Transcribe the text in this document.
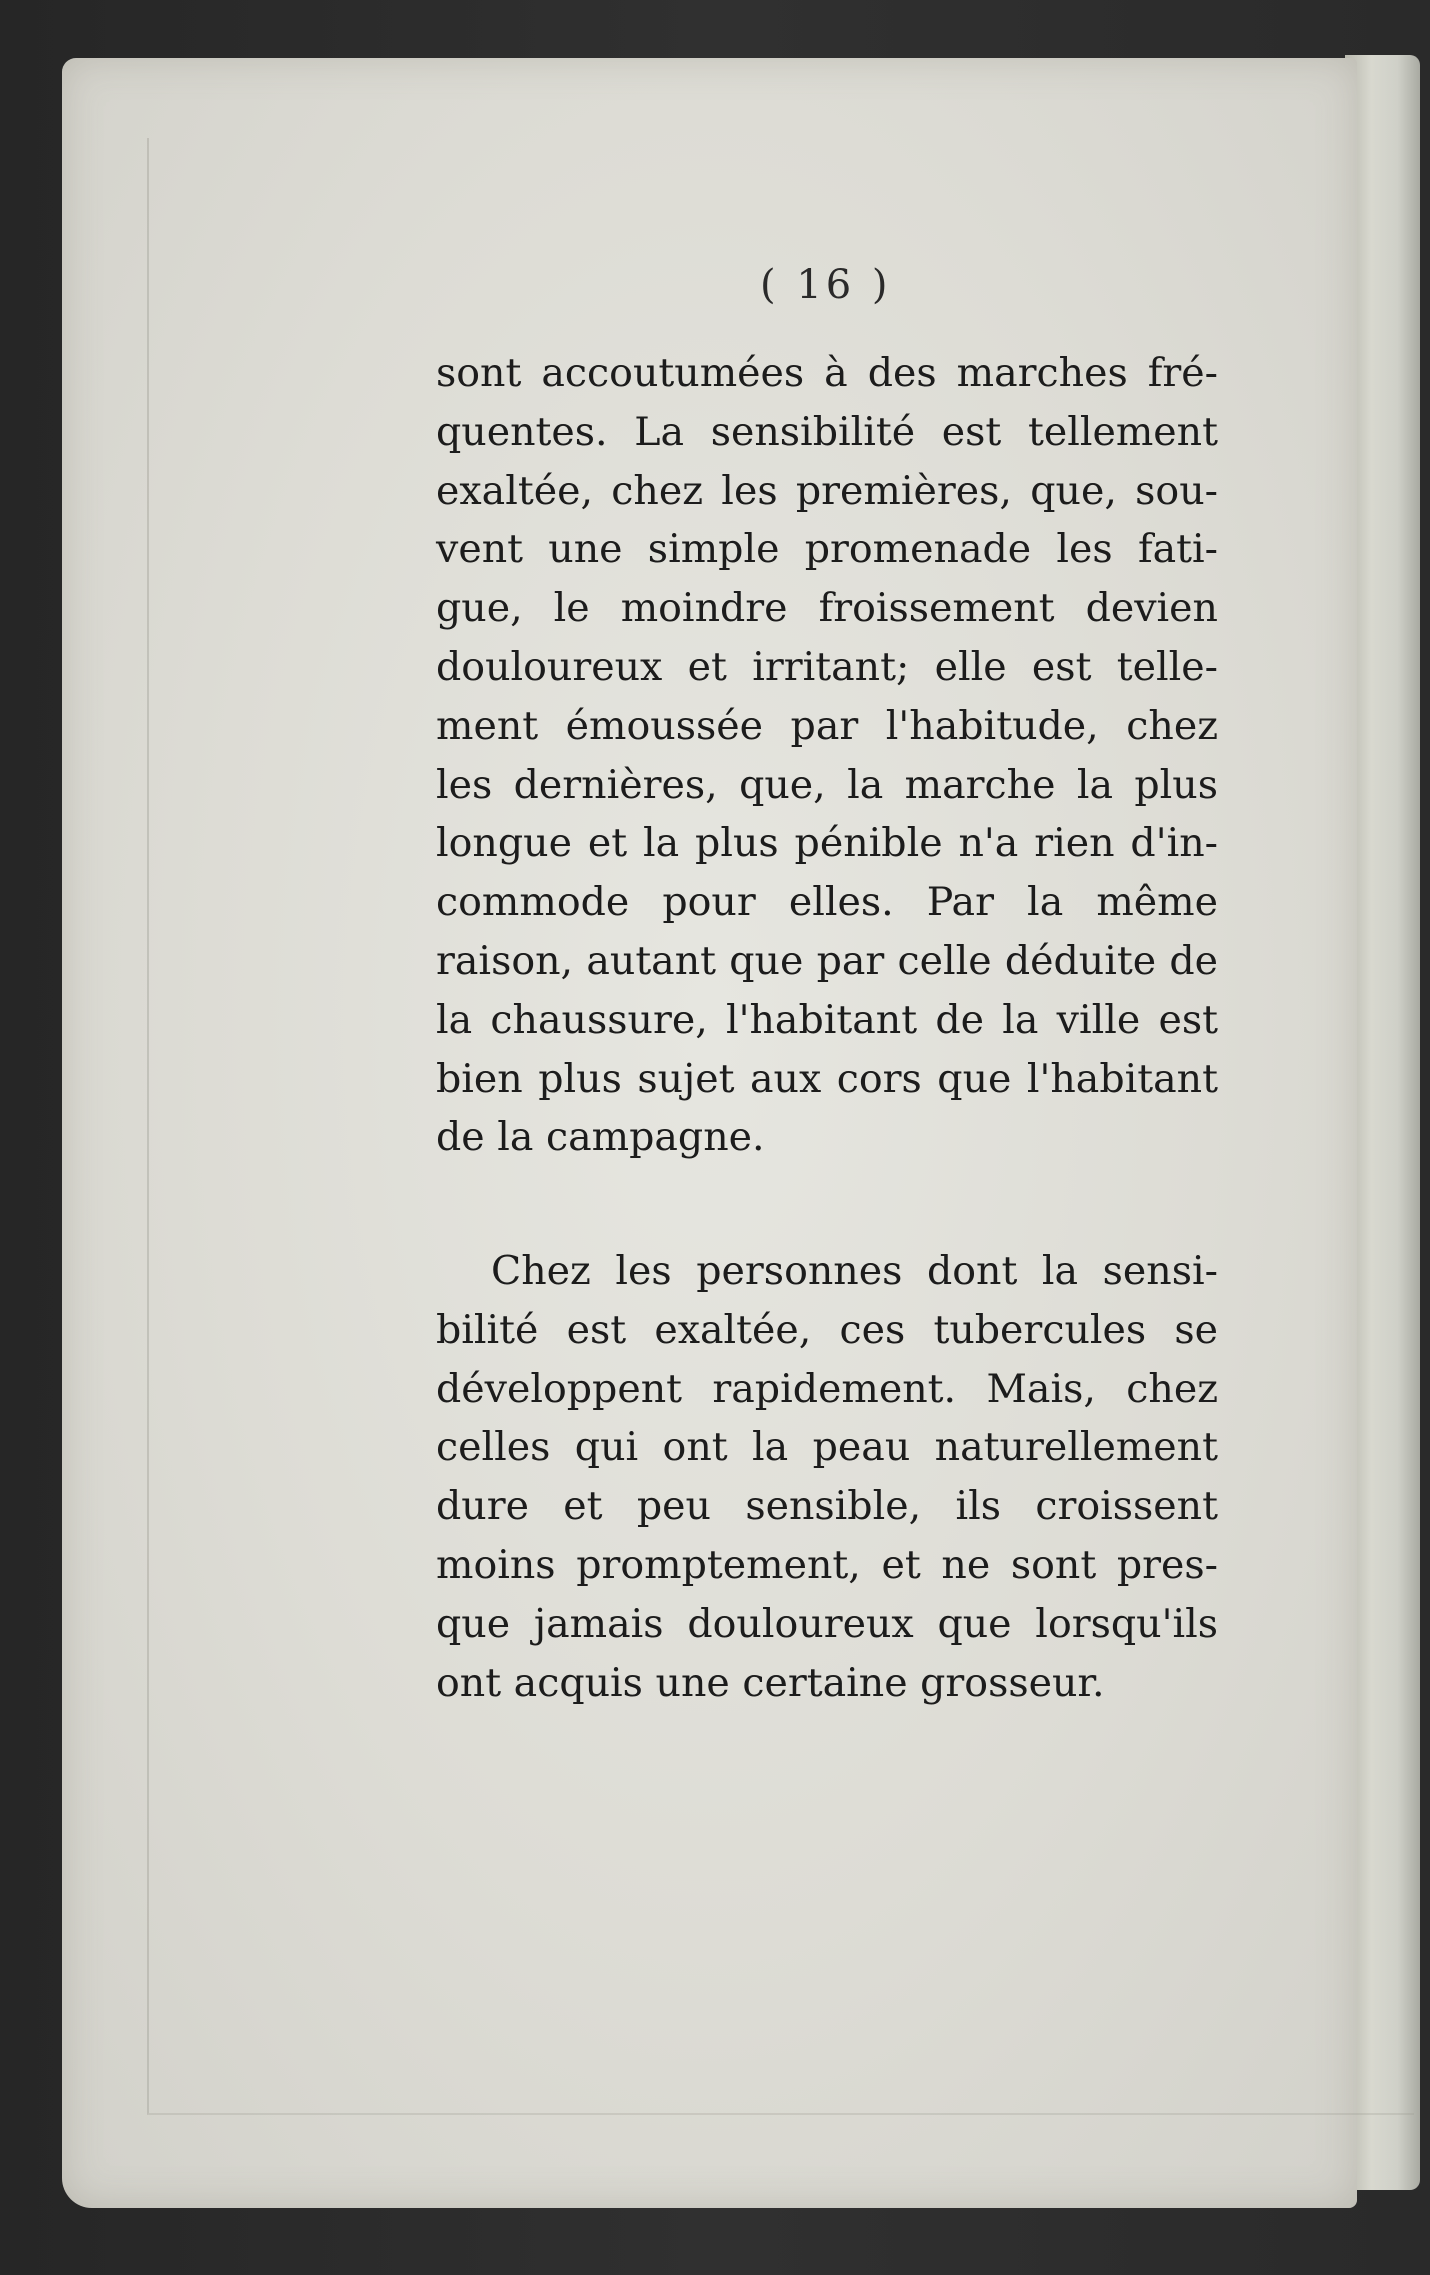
( 16 )
sont accoutumées à des marches fré-
quentes. La sensibilité est tellement
exaltée, chez les premières, que, sou-
vent une simple promenade les fati-
gue, le moindre froissement devien
douloureux et irritant; elle est telle-
ment émoussée par l'habitude, chez
les dernières, que, la marche la plus
longue et la plus pénible n'a rien d'in-
commode pour elles. Par la même
raison, autant que par celle déduite de
la chaussure, l'habitant de la ville est
bien plus sujet aux cors que l'habitant
de la campagne.
Chez les personnes dont la sensi-
bilité est exaltée, ces tubercules se
développent rapidement. Mais, chez
celles qui ont la peau naturellement
dure et peu sensible, ils croissent
moins promptement, et ne sont pres-
que jamais douloureux que lorsqu'ils
ont acquis une certaine grosseur.
